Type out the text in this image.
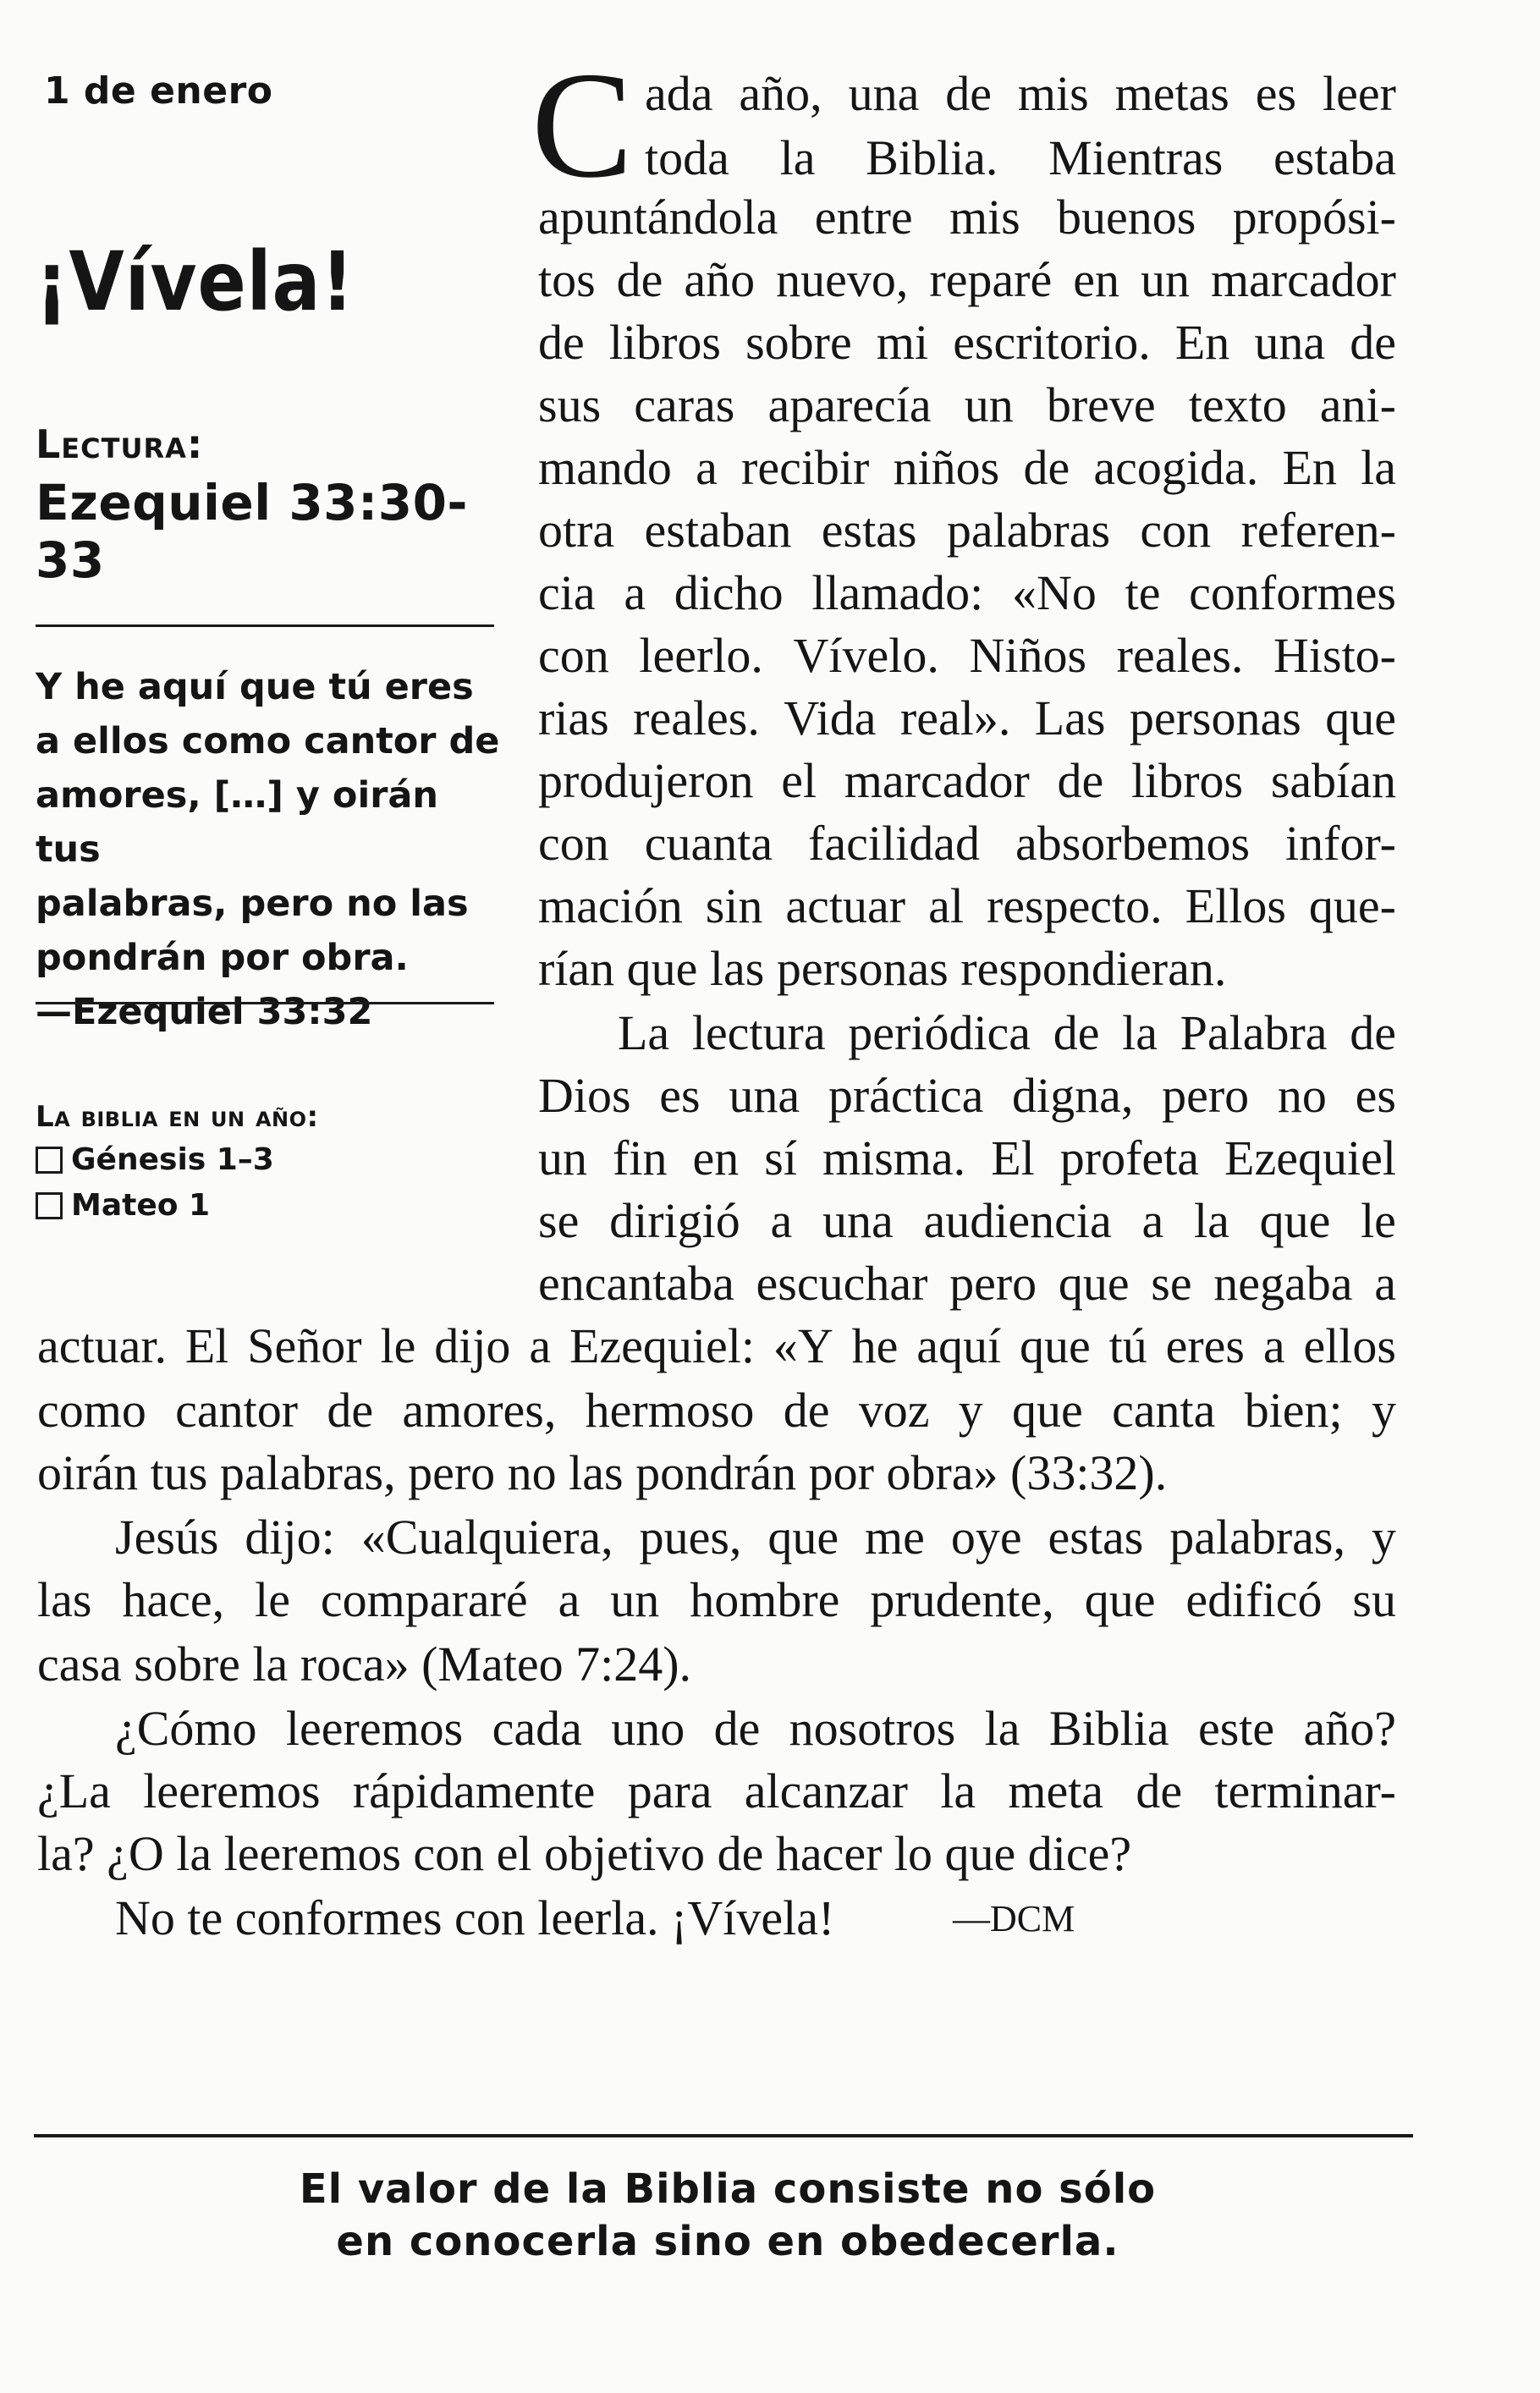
1 de enero
¡Vívela!
Lectura:
Ezequiel 33:30-33
Y he aquí que tú eres
a ellos como cantor de
amores, […] y oirán tus
palabras, pero no las
pondrán por obra.
—Ezequiel 33:32
La biblia en un año:
Génesis 1–3
Mateo 1
C ada año, una de mis metas es leer
toda la Biblia. Mientras estaba
apuntándola entre mis buenos propósi-
tos de año nuevo, reparé en un marcador
de libros sobre mi escritorio. En una de
sus caras aparecía un breve texto ani-
mando a recibir niños de acogida. En la
otra estaban estas palabras con referen-
cia a dicho llamado: «No te conformes
con leerlo. Vívelo. Niños reales. Histo-
rias reales. Vida real». Las personas que
produjeron el marcador de libros sabían
con cuanta facilidad absorbemos infor-
mación sin actuar al respecto. Ellos que-
rían que las personas respondieran.
La lectura periódica de la Palabra de
Dios es una práctica digna, pero no es
un fin en sí misma. El profeta Ezequiel
se dirigió a una audiencia a la que le
encantaba escuchar pero que se negaba a
actuar. El Señor le dijo a Ezequiel: «Y he aquí que tú eres a ellos
como cantor de amores, hermoso de voz y que canta bien; y
oirán tus palabras, pero no las pondrán por obra» (33:32).
Jesús dijo: «Cualquiera, pues, que me oye estas palabras, y
las hace, le compararé a un hombre prudente, que edificó su
casa sobre la roca» (Mateo 7:24).
¿Cómo leeremos cada uno de nosotros la Biblia este año?
¿La leeremos rápidamente para alcanzar la meta de terminar-
la? ¿O la leeremos con el objetivo de hacer lo que dice?
No te conformes con leerla. ¡Vívela!	—DCM
El valor de la Biblia consiste no sólo
en conocerla sino en obedecerla.
